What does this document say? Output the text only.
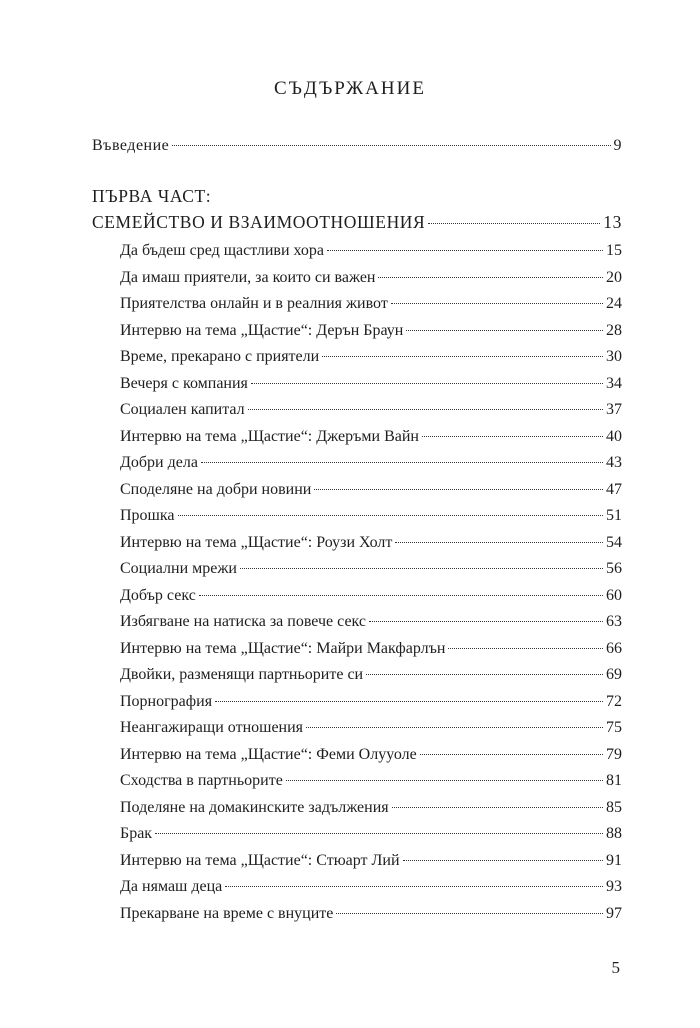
СЪДЪРЖАНИЕ
Въведение	9
ПЪРВА ЧАСТ:
СЕМЕЙСТВО И ВЗАИМООТНОШЕНИЯ	13
Да бъдеш сред щастливи хора	15
Да имаш приятели, за които си важен	20
Приятелства онлайн и в реалния живот	24
Интервю на тема „Щастие“: Дерън Браун	28
Време, прекарано с приятели	30
Вечеря с компания	34
Социален капитал	37
Интервю на тема „Щастие“: Джеръми Вайн	40
Добри дела	43
Споделяне на добри новини	47
Прошка	51
Интервю на тема „Щастие“: Роузи Холт	54
Социални мрежи	56
Добър секс	60
Избягване на натиска за повече секс	63
Интервю на тема „Щастие“: Майри Макфарлън	66
Двойки, разменящи партньорите си	69
Порнография	72
Неангажиращи отношения	75
Интервю на тема „Щастие“: Феми Олууоле	79
Сходства в партньорите	81
Поделяне на домакинските задължения	85
Брак	88
Интервю на тема „Щастие“: Стюарт Лий	91
Да нямаш деца	93
Прекарване на време с внуците	97
5
